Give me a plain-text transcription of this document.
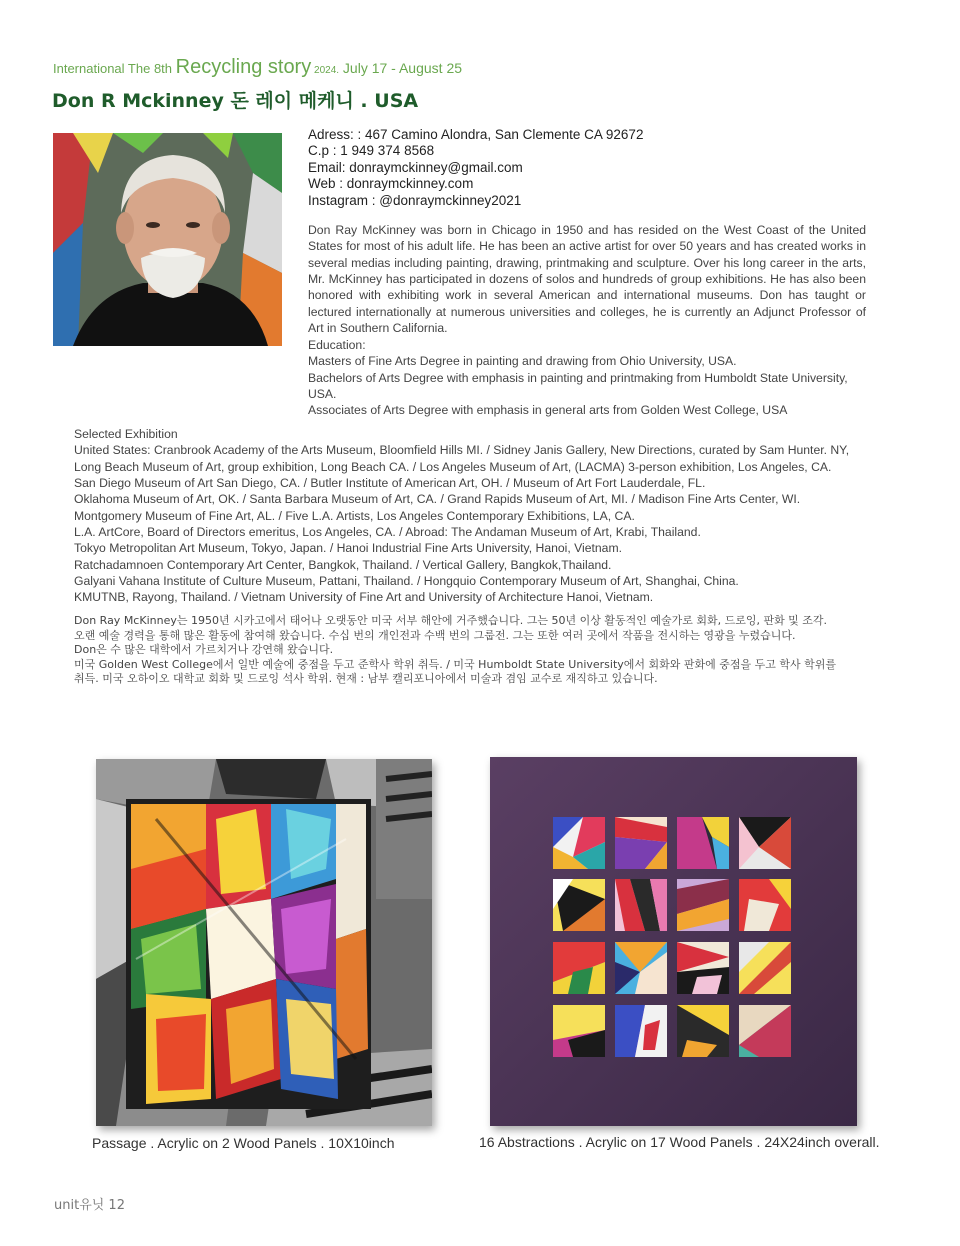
International The 8th Recycling story 2024. July 17 - August 25
Don R Mckinney 돈 레이 메케니 . USA
Adress: : 467 Camino Alondra, San Clemente CA 92672
C.p : 1 949 374 8568
Email: donraymckinney@gmail.com
Web : donraymckinney.com
Instagram : @donraymckinney2021
Don Ray McKinney was born in Chicago in 1950 and has resided on the West Coast of the United States for most of his adult life. He has been an active artist for over 50 years and has created works in several medias including painting, drawing, printmaking and sculpture. Over his long career in the arts, Mr. McKinney has participated in dozens of solos and hundreds of group exhibitions. He has also been honored with exhibiting work in several American and international museums. Don has taught or lectured internationally at numerous universities and colleges, he is currently an Adjunct Professor of Art in Southern California.
Education:
Masters of Fine Arts Degree in painting and drawing from Ohio University, USA.
Bachelors of Arts Degree with emphasis in painting and printmaking from Humboldt State University, USA.
Associates of Arts Degree with emphasis in general arts from Golden West College, USA
Selected Exhibition
United States: Cranbrook Academy of the Arts Museum, Bloomfield Hills MI. / Sidney Janis Gallery, New Directions, curated by Sam Hunter. NY,
Long Beach Museum of Art, group exhibition, Long Beach CA. / Los Angeles Museum of Art, (LACMA) 3-person exhibition, Los Angeles, CA.
San Diego Museum of Art San Diego, CA. / Butler Institute of American Art, OH. / Museum of Art Fort Lauderdale, FL.
Oklahoma Museum of Art, OK. / Santa Barbara Museum of Art, CA. / Grand Rapids Museum of Art, MI. / Madison Fine Arts Center, WI.
Montgomery Museum of Fine Art, AL. / Five L.A. Artists, Los Angeles Contemporary Exhibitions, LA, CA.
L.A. ArtCore, Board of Directors emeritus, Los Angeles, CA. / Abroad: The Andaman Museum of Art, Krabi, Thailand.
Tokyo Metropolitan Art Museum, Tokyo, Japan. / Hanoi Industrial Fine Arts University, Hanoi, Vietnam.
Ratchadamnoen Contemporary Art Center, Bangkok, Thailand. / Vertical Gallery, Bangkok,Thailand.
Galyani Vahana Institute of Culture Museum, Pattani, Thailand. / Hongquio Contemporary Museum of Art, Shanghai, China.
KMUTNB, Rayong, Thailand. / Vietnam University of Fine Art and University of Architecture Hanoi, Vietnam.
Don Ray McKinney는 1950년 시카고에서 태어나 오랫동안 미국 서부 해안에 거주했습니다. 그는 50년 이상 활동적인 예술가로 회화, 드로잉, 판화 및 조각.
오랜 예술 경력을 통해 많은 활동에 참여해 왔습니다. 수십 번의 개인전과 수백 번의 그룹전. 그는 또한 여러 곳에서 작품을 전시하는 영광을 누렸습니다.
Don은 수 많은 대학에서 가르치거나 강연해 왔습니다.
미국 Golden West College에서 일반 예술에 중점을 두고 준학사 학위 취득. / 미국 Humboldt State University에서 회화와 판화에 중점을 두고 학사 학위를
취득. 미국 오하이오 대학교 회화 및 드로잉 석사 학위. 현재 : 남부 캘리포니아에서 미술과 겸임 교수로 재직하고 있습니다.
Passage . Acrylic on 2 Wood Panels . 10X10inch	16 Abstractions . Acrylic on 17 Wood Panels . 24X24inch overall.
unit유닛 12
